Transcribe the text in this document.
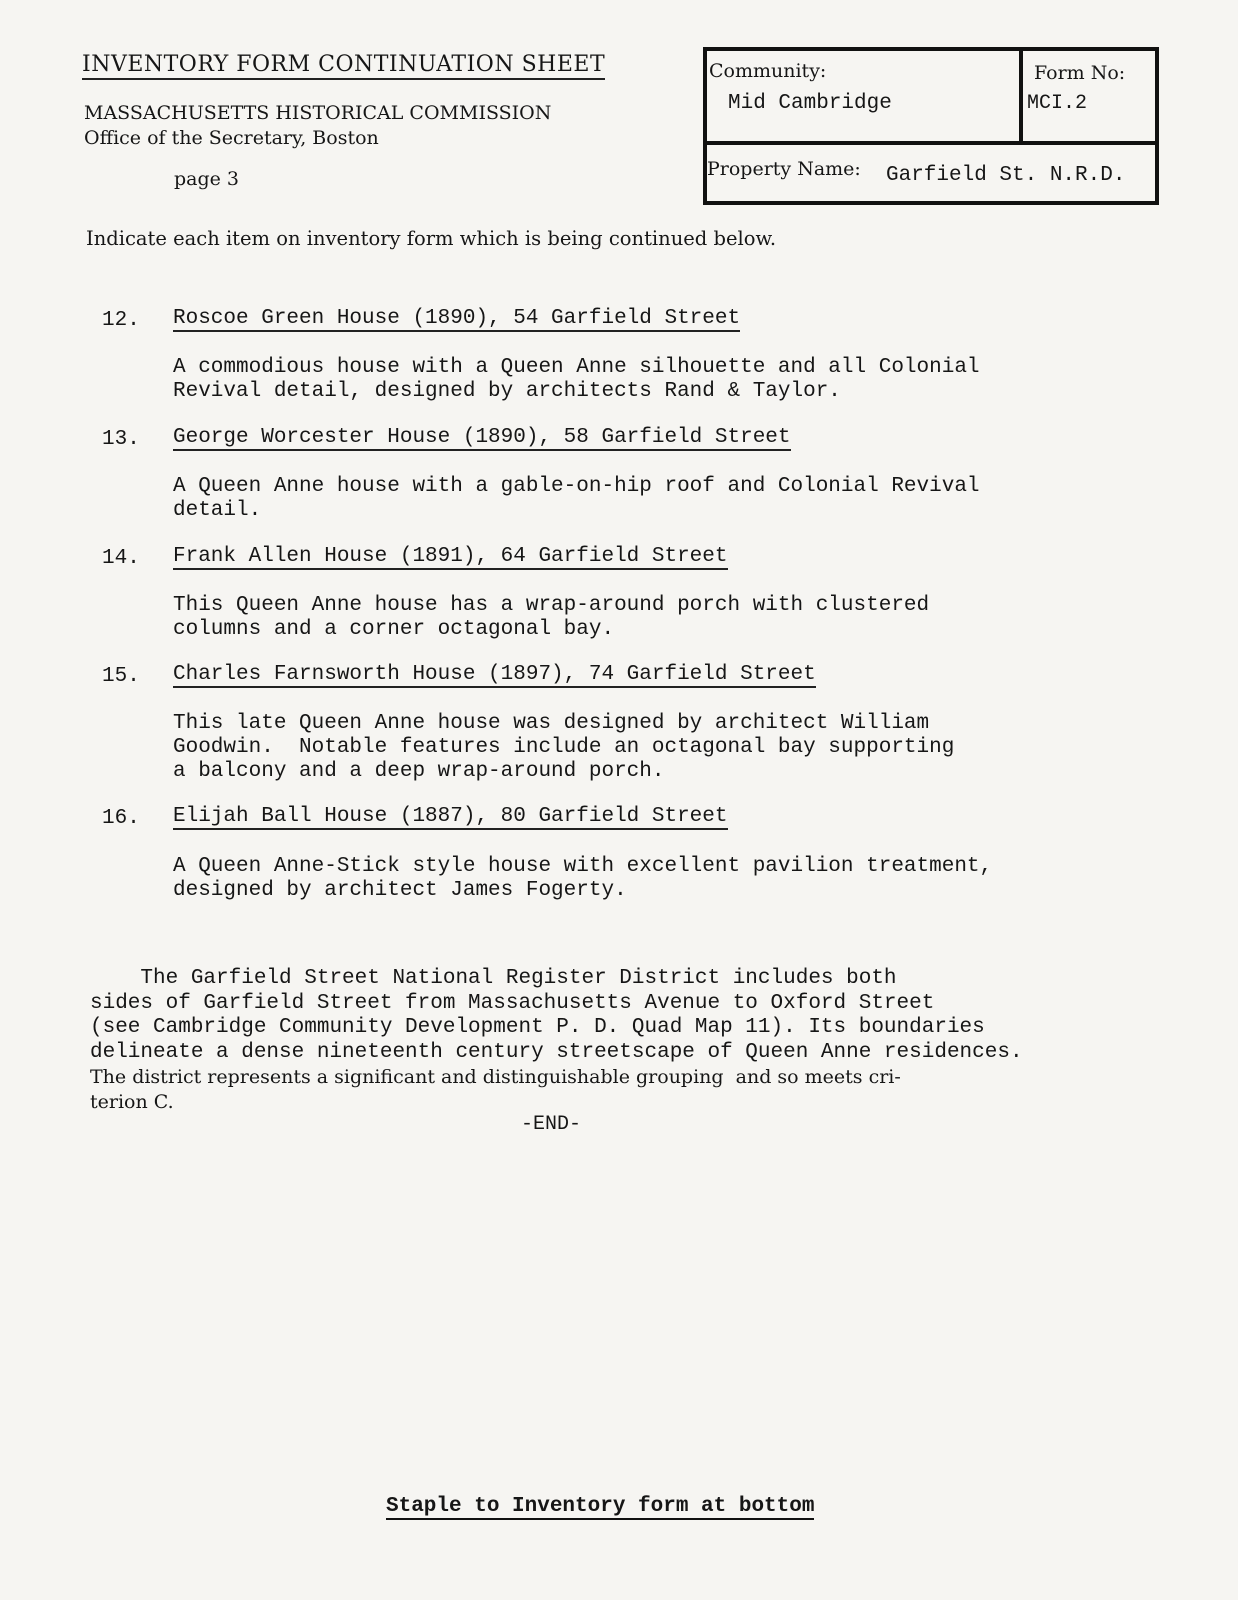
INVENTORY FORM CONTINUATION SHEET
MASSACHUSETTS HISTORICAL COMMISSION
Office of the Secretary, Boston
page 3
Community:
Mid Cambridge
Form No:
MCI.2
Property Name: Garfield St. N.R.D.
Indicate each item on inventory form which is being continued below.
12. Roscoe Green House (1890), 54 Garfield Street
A commodious house with a Queen Anne silhouette and all Colonial
Revival detail, designed by architects Rand & Taylor.
13. George Worcester House (1890), 58 Garfield Street
A Queen Anne house with a gable-on-hip roof and Colonial Revival
detail.
14. Frank Allen House (1891), 64 Garfield Street
This Queen Anne house has a wrap-around porch with clustered
columns and a corner octagonal bay.
15. Charles Farnsworth House (1897), 74 Garfield Street
This late Queen Anne house was designed by architect William
Goodwin.  Notable features include an octagonal bay supporting
a balcony and a deep wrap-around porch.
16. Elijah Ball House (1887), 80 Garfield Street
A Queen Anne-Stick style house with excellent pavilion treatment,
designed by architect James Fogerty.
The Garfield Street National Register District includes both
sides of Garfield Street from Massachusetts Avenue to Oxford Street
(see Cambridge Community Development P. D. Quad Map 11). Its boundaries
delineate a dense nineteenth century streetscape of Queen Anne residences.
The district represents a significant and distinguishable grouping  and so meets cri-
terion C.
-END-
Staple to Inventory form at bottom
